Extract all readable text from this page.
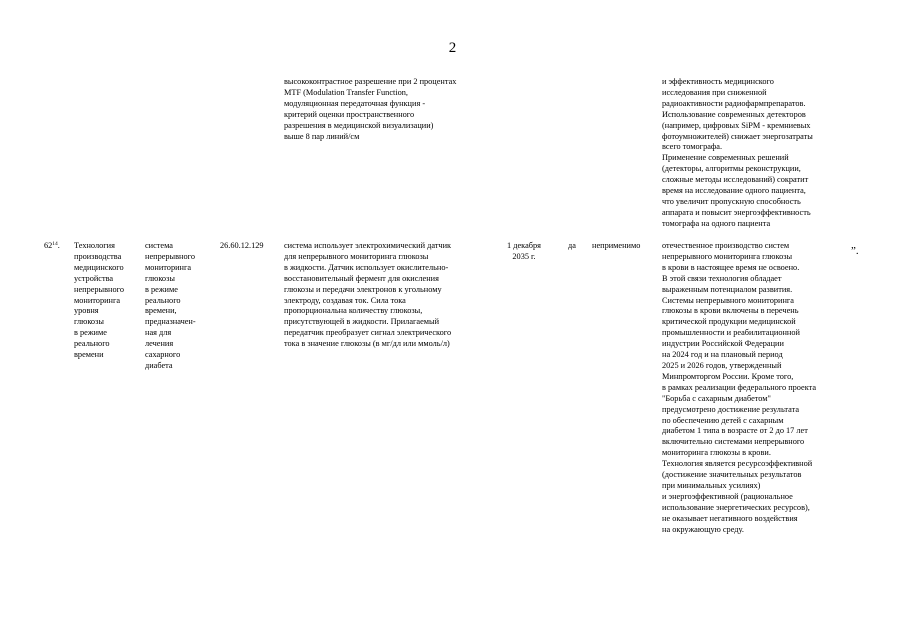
2
высококонтрастное разрешение при 2 процентах
MTF (Modulation Transfer Function,
модуляционная передаточная функция -
критерий оценки пространственного
разрешения в медицинской визуализации)
выше 8 пар линий/см
и эффективность медицинского
исследования при сниженной
радиоактивности радиофармпрепаратов.
Использование современных детекторов
(например, цифровых SiPM - кремниевых
фотоумножителей) снижает энергозатраты
всего томографа.
Применение современных решений
(детекторы, алгоритмы реконструкции,
сложные методы исследований) сократит
время на исследование одного пациента,
что увеличит пропускную способность
аппарата и повысит энергоэффективность
томографа на одного пациента
$62^{14}$. Технология
производства
медицинского
устройства
непрерывного
мониторинга
уровня
глюкозы
в режиме
реального
времени
система
непрерывного
мониторинга
глюкозы
в режиме
реального
времени,
предназначен-
ная для
лечения
сахарного
диабета
26.60.12.129 система использует электрохимический датчик
для непрерывного мониторинга глюкозы
в жидкости. Датчик использует окислительно-
восстановительный фермент для окисления
глюкозы и передачи электронов к угольному
электроду, создавая ток. Сила тока
пропорциональна количеству глюкозы,
присутствующей в жидкости. Прилагаемый
передатчик преобразует сигнал электрического
тока в значение глюкозы (в мг/дл или ммоль/л)
1 декабря
2035 г.
да неприменимо	отечественное производство систем
непрерывного мониторинга глюкозы
в крови в настоящее время не освоено.
В этой связи технология обладает
выраженным потенциалом развития.
Системы непрерывного мониторинга
глюкозы в крови включены в перечень
критической продукции медицинской
промышленности и реабилитационной
индустрии Российской Федерации
на 2024 год и на плановый период
2025 и 2026 годов, утвержденный
Минпромторгом России. Кроме того,
в рамках реализации федерального проекта
"Борьба с сахарным диабетом"
предусмотрено достижение результата
по обеспечению детей с сахарным
диабетом 1 типа в возрасте от 2 до 17 лет
включительно системами непрерывного
мониторинга глюкозы в крови.
Технология является ресурсоэффективной
(достижение значительных результатов
при минимальных усилиях)
и энергоэффективной (рациональное
использование энергетических ресурсов),
не оказывает негативного воздействия
на окружающую среду.
”.
